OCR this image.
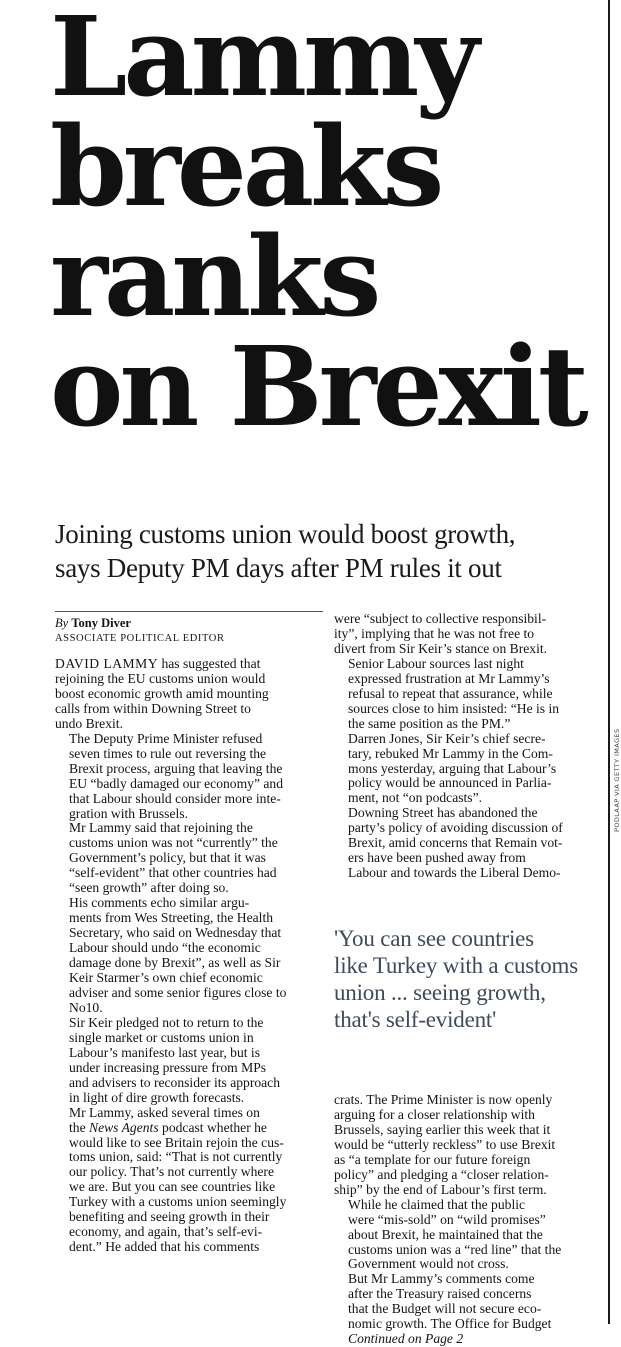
Lammy
breaks
ranks
on Brexit
Joining customs union would boost growth,
says Deputy PM days after PM rules it out
By Tony Diver
ASSOCIATE POLITICAL EDITOR

DAVID LAMMY has suggested that
rejoining the EU customs union would
boost economic growth amid mounting
calls from within Downing Street to
undo Brexit.

The Deputy Prime Minister refused
seven times to rule out reversing the
Brexit process, arguing that leaving the
EU “badly damaged our economy” and
that Labour should consider more inte-
gration with Brussels.

Mr Lammy said that rejoining the
customs union was not “currently” the
Government’s policy, but that it was
“self-evident” that other countries had
“seen growth” after doing so.

His comments echo similar argu-
ments from Wes Streeting, the Health
Secretary, who said on Wednesday that
Labour should undo “the economic
damage done by Brexit”, as well as Sir
Keir Starmer’s own chief economic
adviser and some senior figures close to
No10.

Sir Keir pledged not to return to the
single market or customs union in
Labour’s manifesto last year, but is
under increasing pressure from MPs
and advisers to reconsider its approach
in light of dire growth forecasts.

Mr Lammy, asked several times on
the News Agents podcast whether he
would like to see Britain rejoin the cus-
toms union, said: “That is not currently
our policy. That’s not currently where
we are. But you can see countries like
Turkey with a customs union seemingly
benefiting and seeing growth in their
economy, and again, that’s self-evi-
dent.” He added that his comments

were “subject to collective responsibil-
ity”, implying that he was not free to
divert from Sir Keir’s stance on Brexit.

Senior Labour sources last night
expressed frustration at Mr Lammy’s
refusal to repeat that assurance, while
sources close to him insisted: “He is in
the same position as the PM.”

Darren Jones, Sir Keir’s chief secre-
tary, rebuked Mr Lammy in the Com-
mons yesterday, arguing that Labour’s
policy would be announced in Parlia-
ment, not “on podcasts”.

Downing Street has abandoned the
party’s policy of avoiding discussion of
Brexit, amid concerns that Remain vot-
ers have been pushed away from
Labour and towards the Liberal Demo-

PODLAAP VIA GETTY IMAGES
'You can see countries
like Turkey with a customs
union ... seeing growth,
that's self-evident'

crats. The Prime Minister is now openly
arguing for a closer relationship with
Brussels, saying earlier this week that it
would be “utterly reckless” to use Brexit
as “a template for our future foreign
policy” and pledging a “closer relation-
ship” by the end of Labour’s first term.

While he claimed that the public
were “mis-sold” on “wild promises”
about Brexit, he maintained that the
customs union was a “red line” that the
Government would not cross.

But Mr Lammy’s comments come
after the Treasury raised concerns
that the Budget will not secure eco-
nomic growth. The Office for Budget
Continued on Page 2
